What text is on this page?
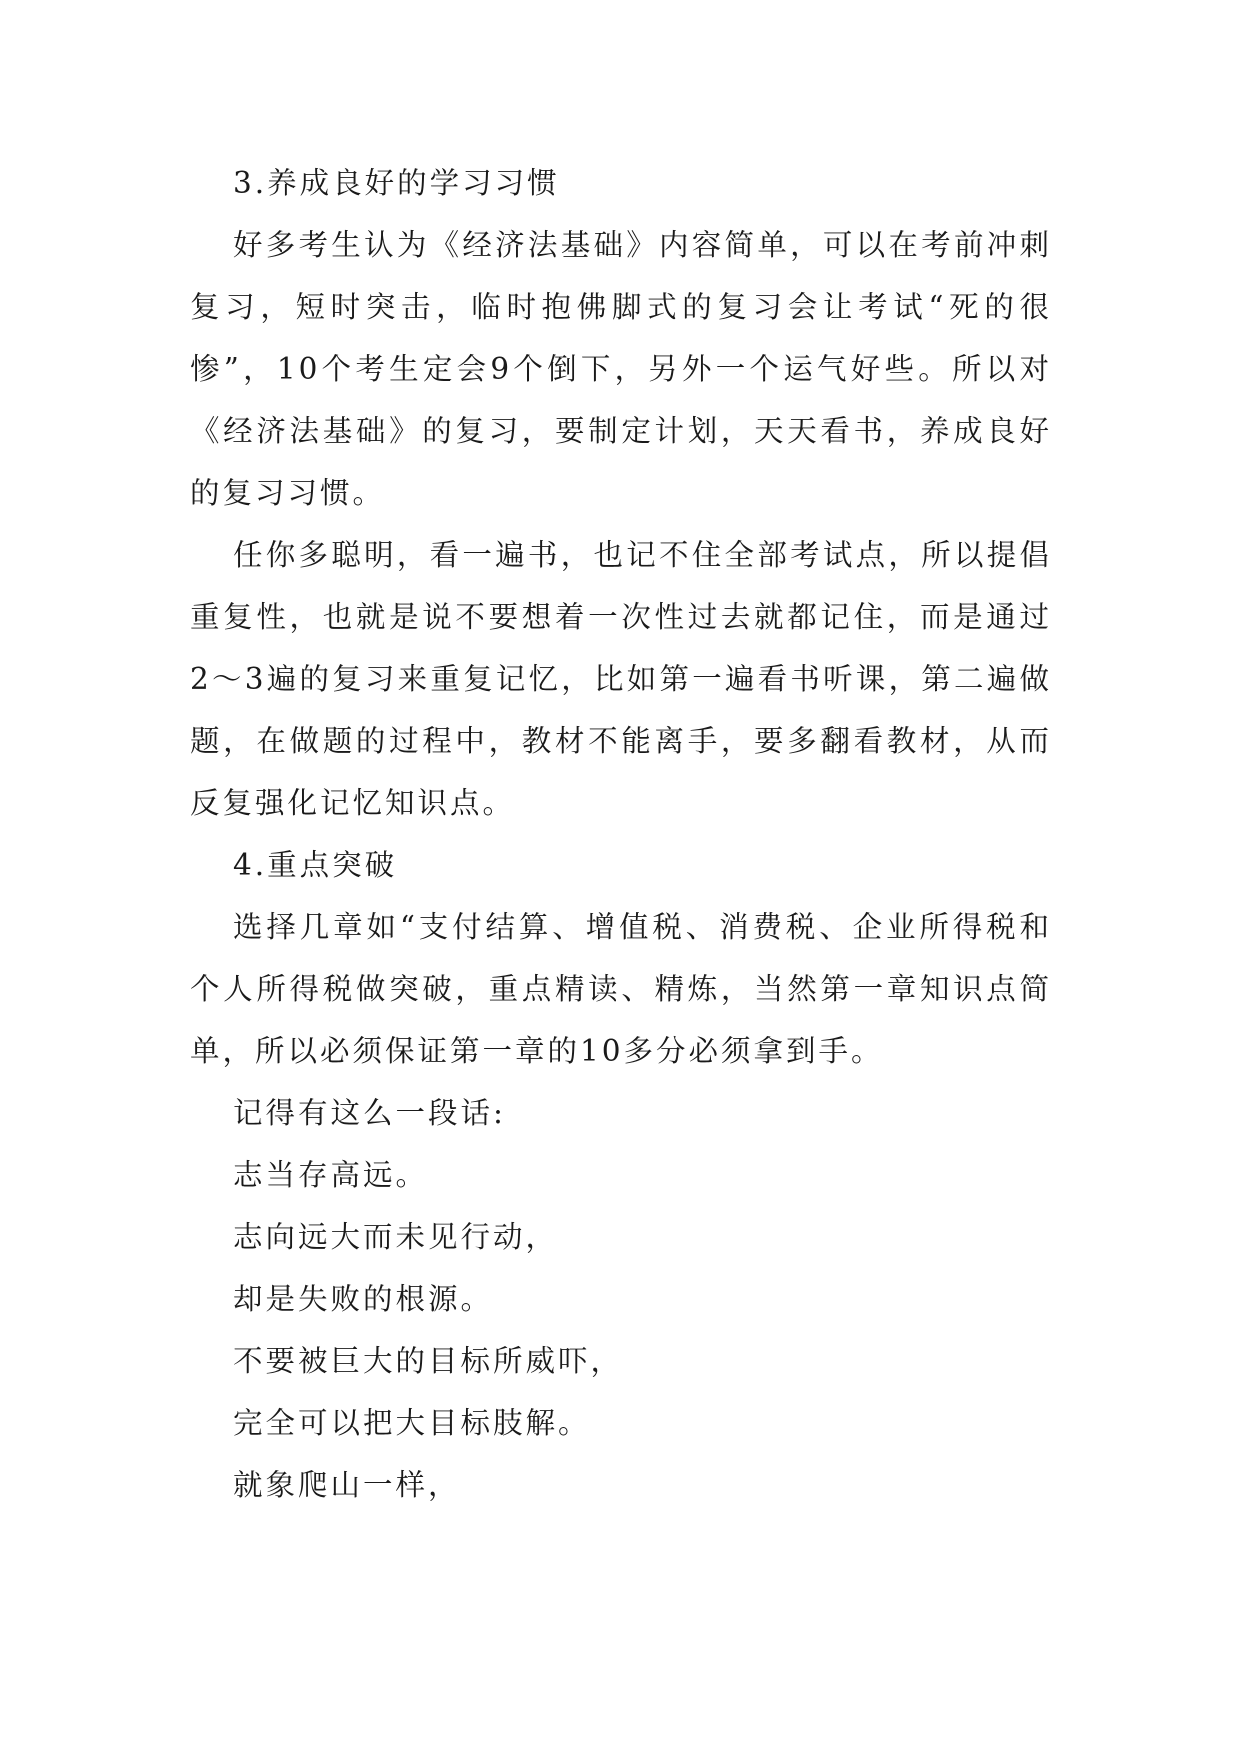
3.养成良好的学习习惯

好多考生认为《经济法基础》内容简单，可以在考前冲刺复习，短时突击，临时抱佛脚式的复习会让考试“死的很惨”，10个考生定会9个倒下，另外一个运气好些。所以对《经济法基础》的复习，要制定计划，天天看书，养成良好的复习习惯。

任你多聪明，看一遍书，也记不住全部考试点，所以提倡重复性，也就是说不要想着一次性过去就都记住，而是通过2～3遍的复习来重复记忆，比如第一遍看书听课，第二遍做题，在做题的过程中，教材不能离手，要多翻看教材，从而反复强化记忆知识点。

4.重点突破

选择几章如“支付结算、增值税、消费税、企业所得税和个人所得税做突破，重点精读、精炼，当然第一章知识点简单，所以必须保证第一章的10多分必须拿到手。

记得有这么一段话:

志当存高远。

志向远大而未见行动，

却是失败的根源。

不要被巨大的目标所威吓，

完全可以把大目标肢解。

就象爬山一样，
